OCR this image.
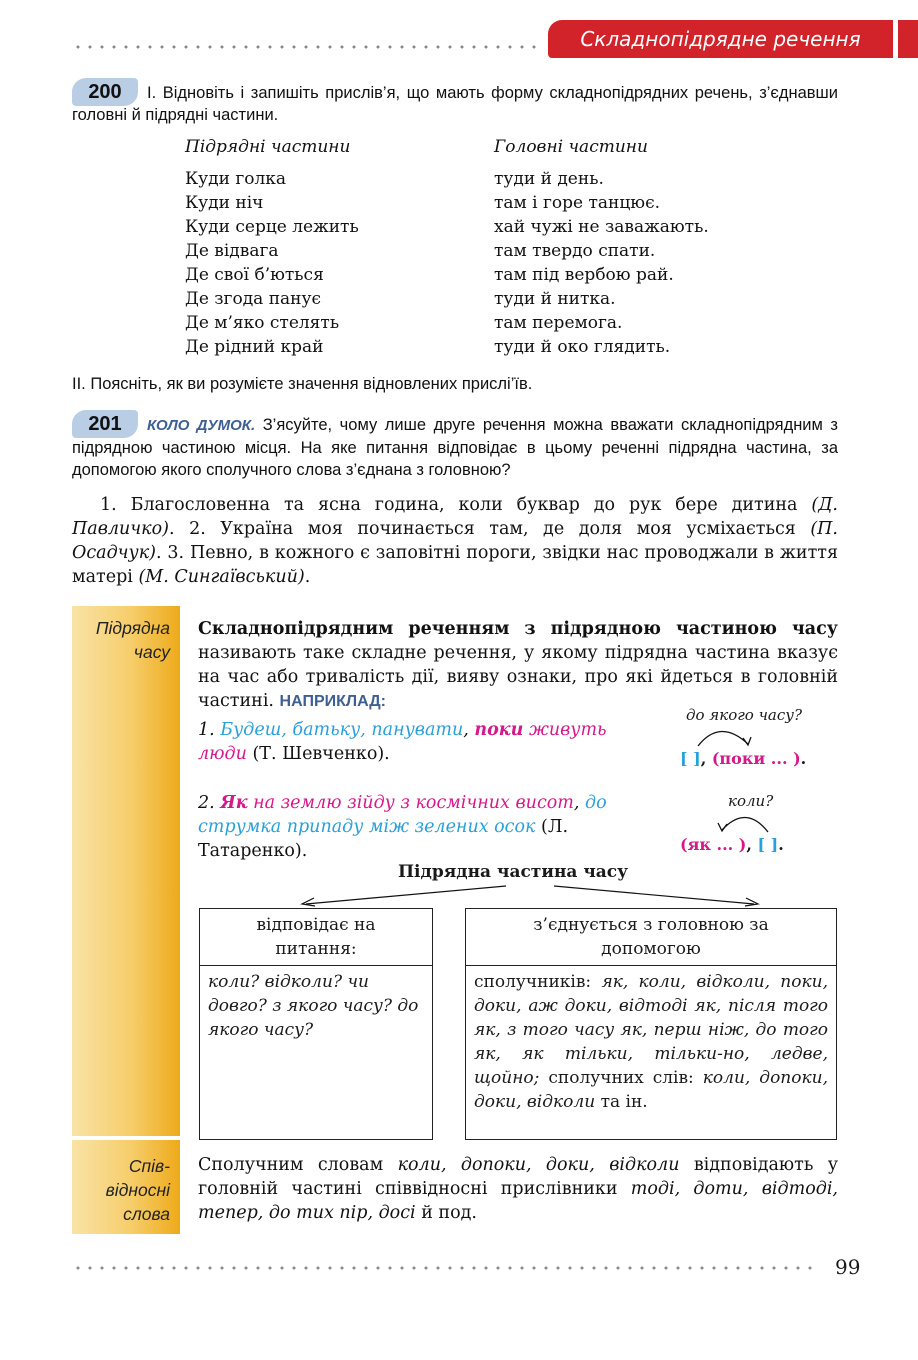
Складнопідрядне речення
200	І. Відновіть і запишіть прислів’я, що мають форму складнопідрядних речень, з’єднавши головні й підрядні частини.
Підрядні частини
Куди голка
Куди ніч
Куди серце лежить
Де відвага
Де свої б’ються
Де згода панує
Де м’яко стелять
Де рідний край
Головні частини
туди й день.
там і горе танцює.
хай чужі не заважають.
там твердо спати.
там під вербою рай.
туди й нитка.
там перемога.
туди й око глядить.
ІІ. Поясніть, як ви розумієте значення відновлених прислі’їв.
201	КОЛО ДУМОК. З’ясуйте, чому лише друге речення можна вважати складнопідрядним з підрядною частиною місця. На яке питання відповідає в цьому реченні підрядна частина, за допомогою якого сполучного слова з’єднана з головною?
1. Благословенна та ясна година, коли буквар до рук бере дитина (Д. Павличко). 2. Україна моя починається там, де доля моя усміхається (П. Осадчук). 3. Певно, в кожного є заповітні пороги, звідки нас проводжали в життя матері (М. Сингаївський).
Підрядна часу
Спів-відносні слова
Складнопідрядним реченням з підрядною частиною часу називають таке складне речення, у якому підрядна частина вказує на час або тривалість дії, вияву ознаки, про які йдеться в головній частині. НАПРИКЛАД:
1. Будеш, батьку, панувати, поки живуть люди (Т. Шевченко).
до якого часу?
[ ], (поки ... ).
2. Як на землю зійду з космічних висот, до струмка припаду між зелених осок (Л. Татаренко).
коли?
(як ... ), [ ].
Підрядна частина часу
відповідає на питання:
коли? відколи? чи довго? з якого часу? до якого часу?
з’єднується з головною за допомогою
сполучників: як, коли, відколи, поки, доки, аж доки, відтоді як, після того як, з того часу як, перш ніж, до того як, як тільки, тільки-но, ледве, щойно; сполучних слів: коли, допоки, доки, відколи та ін.
Сполучним словам коли, допоки, доки, відколи відповідають у головній частині співвідносні прислівники тоді, доти, відтоді, тепер, до тих пір, досі й под.
99
